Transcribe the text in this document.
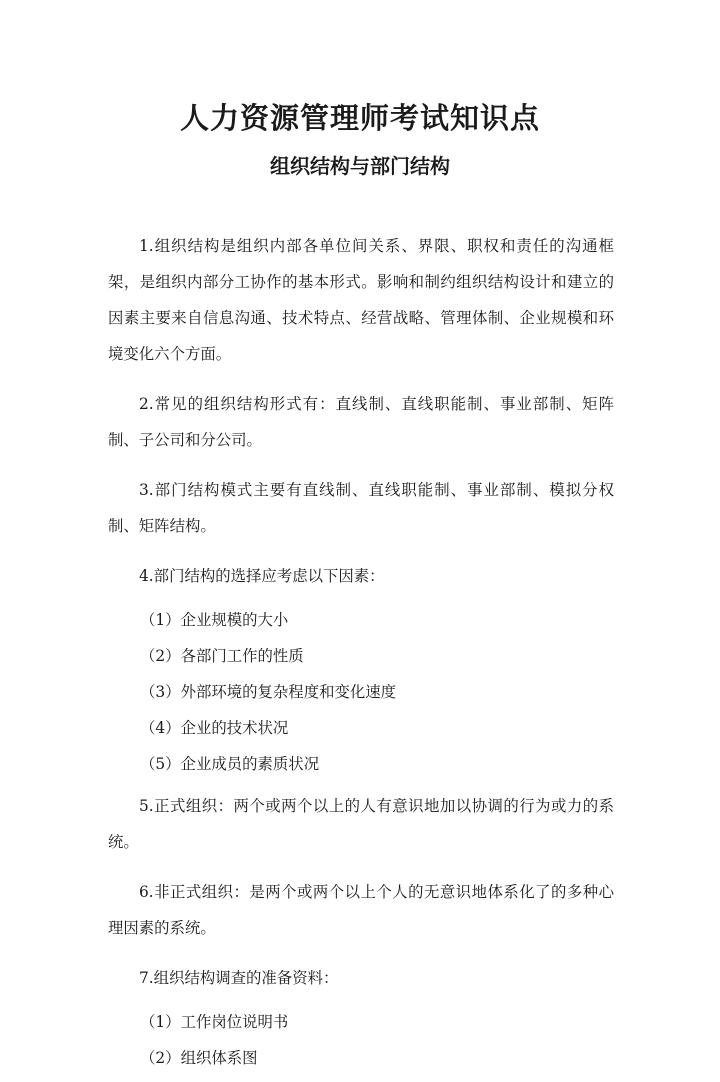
人力资源管理师考试知识点
组织结构与部门结构

1.组织结构是组织内部各单位间关系、界限、职权和责任的沟通框架，是组织内部分工协作的基本形式。影响和制约组织结构设计和建立的因素主要来自信息沟通、技术特点、经营战略、管理体制、企业规模和环境变化六个方面。

2.常见的组织结构形式有：直线制、直线职能制、事业部制、矩阵制、子公司和分公司。

3.部门结构模式主要有直线制、直线职能制、事业部制、模拟分权制、矩阵结构。

4.部门结构的选择应考虑以下因素：

（1）企业规模的大小
（2）各部门工作的性质
（3）外部环境的复杂程度和变化速度
（4）企业的技术状况
（5）企业成员的素质状况

5.正式组织：两个或两个以上的人有意识地加以协调的行为或力的系统。

6.非正式组织：是两个或两个以上个人的无意识地体系化了的多种心理因素的系统。

7.组织结构调查的准备资料：

（1）工作岗位说明书
（2）组织体系图
